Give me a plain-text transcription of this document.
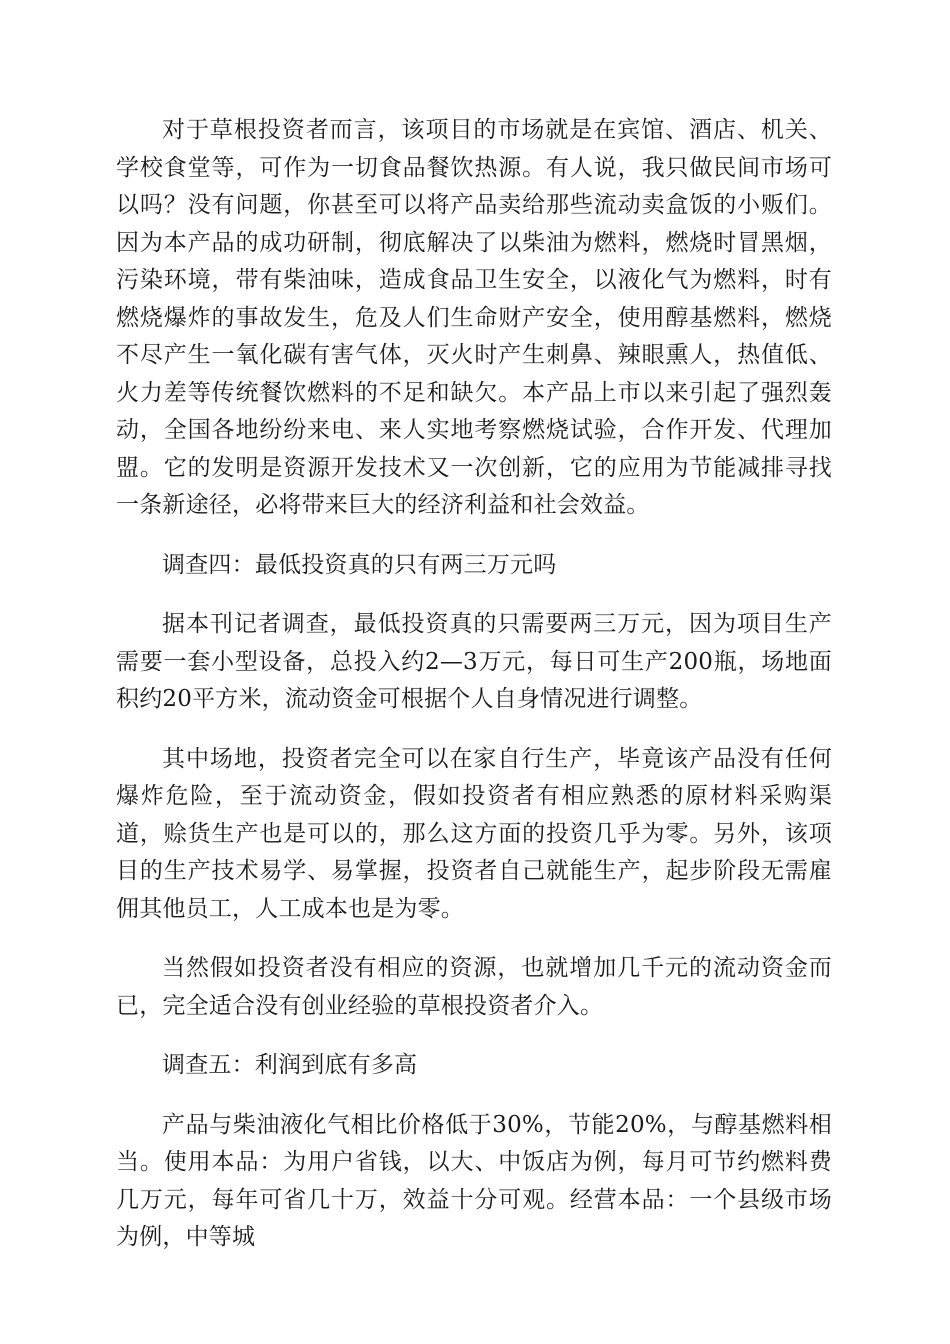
对于草根投资者而言，该项目的市场就是在宾馆、酒店、机关、学校食堂等，可作为一切食品餐饮热源。有人说，我只做民间市场可以吗？没有问题，你甚至可以将产品卖给那些流动卖盒饭的小贩们。因为本产品的成功研制，彻底解决了以柴油为燃料，燃烧时冒黑烟，污染环境，带有柴油味，造成食品卫生安全，以液化气为燃料，时有燃烧爆炸的事故发生，危及人们生命财产安全，使用醇基燃料，燃烧不尽产生一氧化碳有害气体，灭火时产生刺鼻、辣眼熏人，热值低、火力差等传统餐饮燃料的不足和缺欠。本产品上市以来引起了强烈轰动，全国各地纷纷来电、来人实地考察燃烧试验，合作开发、代理加盟。它的发明是资源开发技术又一次创新，它的应用为节能减排寻找一条新途径，必将带来巨大的经济利益和社会效益。

调查四：最低投资真的只有两三万元吗

据本刊记者调查，最低投资真的只需要两三万元，因为项目生产需要一套小型设备，总投入约2—3万元，每日可生产200瓶，场地面积约20平方米，流动资金可根据个人自身情况进行调整。

其中场地，投资者完全可以在家自行生产，毕竟该产品没有任何爆炸危险，至于流动资金，假如投资者有相应熟悉的原材料采购渠道，赊货生产也是可以的，那么这方面的投资几乎为零。另外，该项目的生产技术易学、易掌握，投资者自己就能生产，起步阶段无需雇佣其他员工，人工成本也是为零。

当然假如投资者没有相应的资源，也就增加几千元的流动资金而已，完全适合没有创业经验的草根投资者介入。

调查五：利润到底有多高

产品与柴油液化气相比价格低于30%，节能20%，与醇基燃料相当。使用本品：为用户省钱，以大、中饭店为例，每月可节约燃料费几万元，每年可省几十万，效益十分可观。经营本品：一个县级市场为例，中等城
